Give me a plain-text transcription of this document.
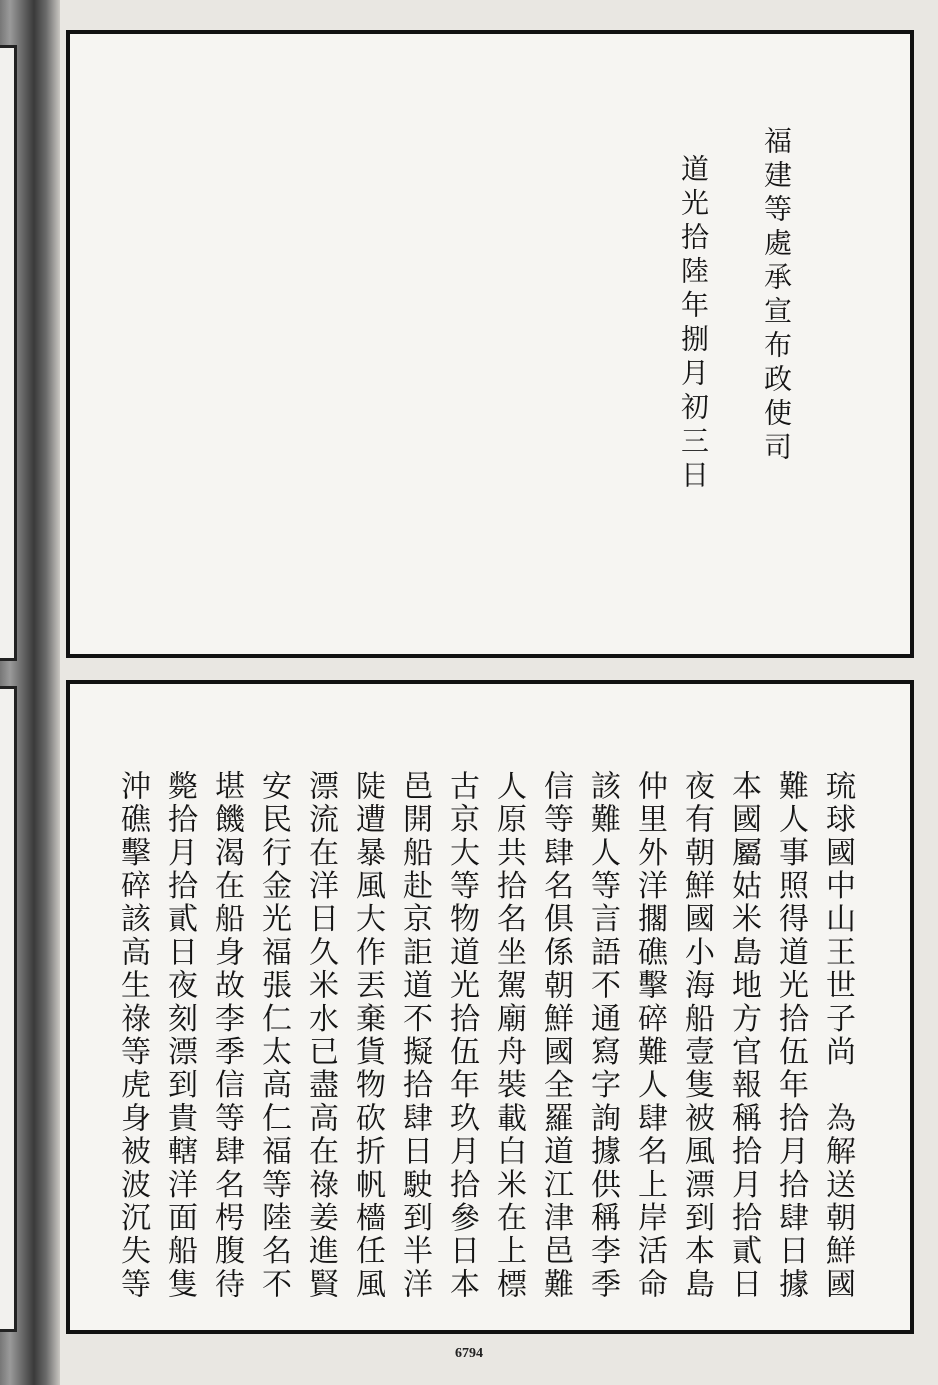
福建等處承宣布政使司
道光拾陸年捌月初三日
琉球國中山王世子尚　為解送朝鮮國
難人事照得道光拾伍年拾月拾肆日據
本國屬姑米島地方官報稱拾月拾貳日
夜有朝鮮國小海船壹隻被風漂到本島
仲里外洋擱礁擊碎難人肆名上岸活命
該難人等言語不通寫字詢據供稱李季
信等肆名俱係朝鮮國全羅道江津邑難
人原共拾名坐駕廟舟裝載白米在上標
古京大等物道光拾伍年玖月拾參日本
邑開船赴京詎道不擬拾肆日駛到半洋
陡遭暴風大作丟棄貨物砍折帆檣任風
漂流在洋日久米水已盡高在祿姜進賢
安民行金光福張仁太高仁福等陸名不
堪饑渴在船身故李季信等肆名枵腹待
斃拾月拾貳日夜刻漂到貴轄洋面船隻
沖礁擊碎該高生祿等虎身被波沉失等
6794
